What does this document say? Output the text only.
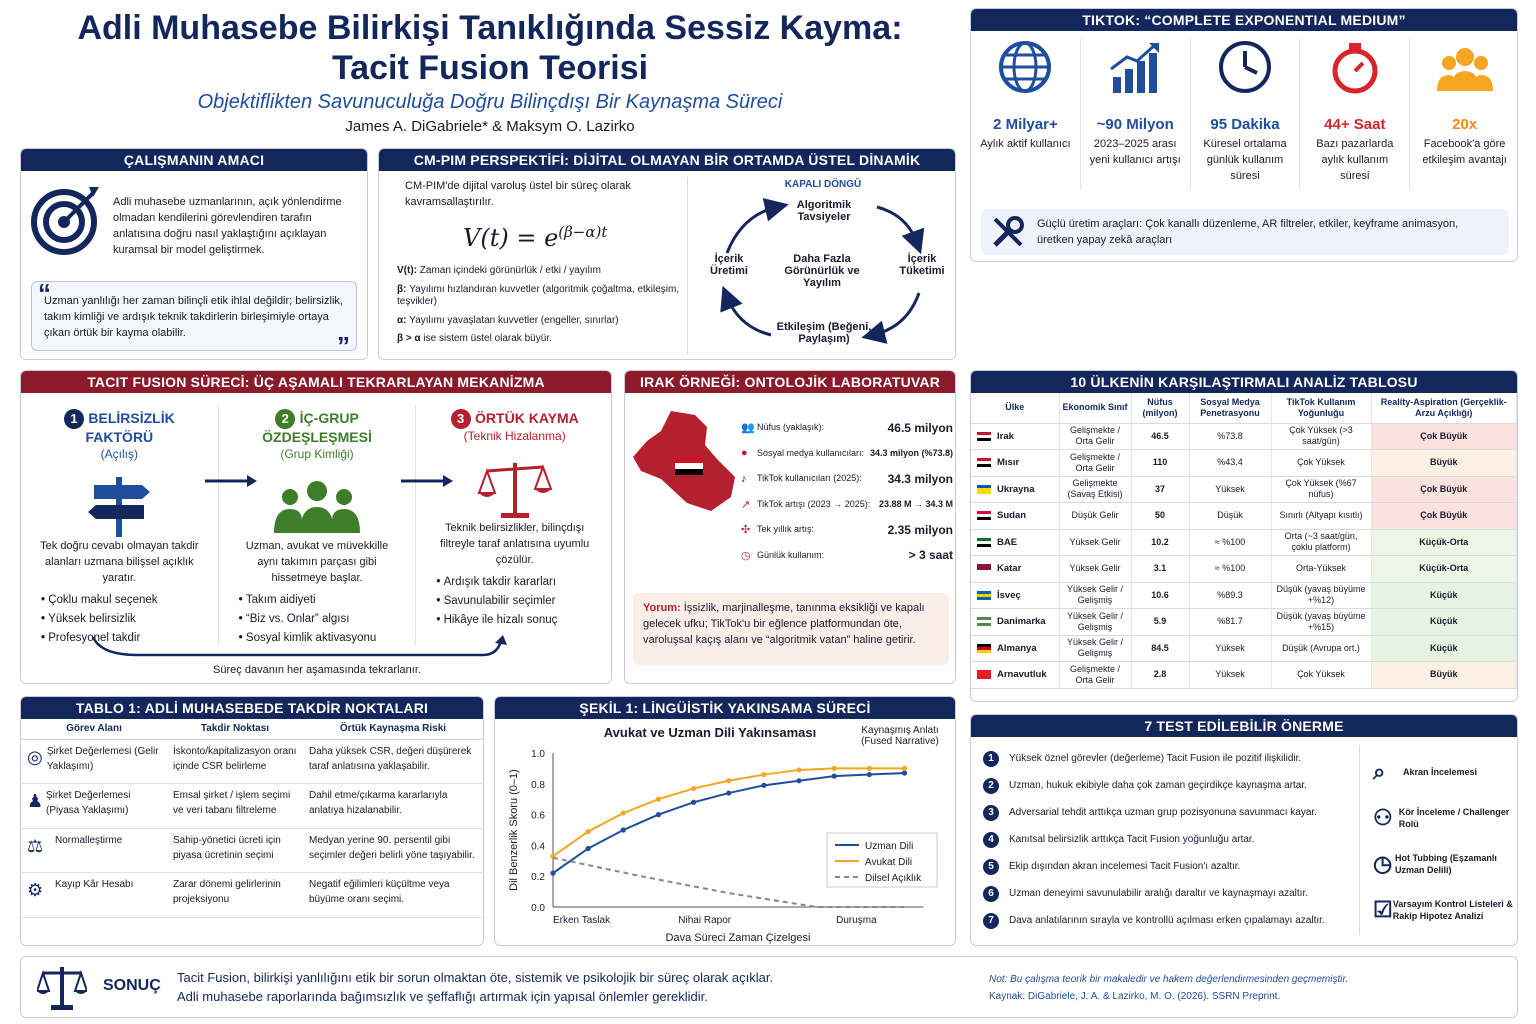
Adli Muhasebe Bilirkişi Tanıklığında Sessiz Kayma:
Tacit Fusion Teorisi
Objektiflikten Savunuculuğa Doğru Bilinçdışı Bir Kaynaşma Süreci
James A. DiGabriele* & Maksym O. Lazirko
ÇALIŞMANIN AMACI
Adli muhasebe uzmanlarının, açık yönlendirme olmadan kendilerini görevlendiren tarafın anlatısına doğru nasıl yaklaştığını açıklayan kuramsal bir model geliştirmek.
“
Uzman yanlılığı her zaman bilinçli etik ihlal değildir; belirsizlik, takım kimliği ve ardışık teknik takdirlerin birleşimiyle ortaya çıkan örtük bir kayma olabilir.	”
CM-PIM PERSPEKTİFİ: DİJİTAL OLMAYAN BİR ORTAMDA ÜSTEL DİNAMİK
CM-PIM'de dijital varoluş üstel bir süreç olarak kavramsallaştırılır.
$V(t) = e^{(\beta-\alpha)t}$
V(t): Zaman içindeki görünürlük / etki / yayılım
β: Yayılımı hızlandıran kuvvetler (algoritmik çoğaltma, etkileşim, teşvikler)
α: Yayılımı yavaşlatan kuvvetler (engeller, sınırlar)
β > α ise sistem üstel olarak büyür.
KAPALI DÖNGÜ
Algoritmik Tavsiyeler
İçerik Üretimi
İçerik Tüketimi
Daha Fazla Görünürlük ve Yayılım
Etkileşim (Beğeni, Paylaşım)
TIKTOK: “COMPLETE EXPONENTIAL MEDIUM”
2 Milyar+
Aylık aktif kullanıcı
~90 Milyon
2023–2025 arası yeni kullanıcı artışı
95 Dakika
Küresel ortalama günlük kullanım süresi
44+ Saat
Bazı pazarlarda aylık kullanım süresi
20x
Facebook'a göre etkileşim avantajı
Güçlü üretim araçları: Çok kanallı düzenleme, AR filtreler, etkiler, keyframe animasyon, üretken yapay zekâ araçları
TACIT FUSION SÜRECİ: ÜÇ AŞAMALI TEKRARLAYAN MEKANİZMA
1 BELİRSİZLİK FAKTÖRÜ
(Açılış)
Tek doğru cevabı olmayan takdir alanları uzmana bilişsel açıklık yaratır.
• Çoklu makul seçenek
• Yüksek belirsizlik
• Profesyonel takdir
2 İÇ-GRUP ÖZDEŞLEŞMESİ
(Grup Kimliği)
Uzman, avukat ve müvekkille aynı takımın parçası gibi hissetmeye başlar.
• Takım aidiyeti
• “Biz vs. Onlar” algısı
• Sosyal kimlik aktivasyonu
3 ÖRTÜK KAYMA
(Teknik Hizalanma)
Teknik belirsizlikler, bilinçdışı filtreyle taraf anlatısına uyumlu çözülür.
• Ardışık takdir kararları
• Savunulabilir seçimler
• Hikâye ile hizalı sonuç
Süreç davanın her aşamasında tekrarlanır.
IRAK ÖRNEĞİ: ONTOLOJİK LABORATUVAR
👥 Nüfus (yaklaşık):	46.5 milyon
●	Sosyal medya kullanıcıları: 34.3 milyon (%73.8)
♪	TikTok kullanıcıları (2025):	34.3 milyon
↗ TikTok artışı (2023 → 2025): 23.88 M → 34.3 M
✣ Tek yıllık artış:	2.35 milyon
◷ Günlük kullanım:	> 3 saat
Yorum: İşsizlik, marjinalleşme, tanınma eksikliği ve kapalı gelecek ufku; TikTok'u bir eğlence platformundan öte, varoluşsal kaçış alanı ve “algoritmik vatan” haline getirir.
10 ÜLKENİN KARŞILAŞTIRMALI ANALİZ TABLOSU
Ülke	Ekonomik Sınıf	Nüfus (milyon)	Sosyal Medya Penetrasyonu	TikTok Kullanım Yoğunluğu	Reality-Aspiration (Gerçeklik-Arzu Açıklığı)
Irak	Gelişmekte / Orta Gelir	46.5	%73.8	Çok Yüksek (>3 saat/gün)	Çok Büyük
Mısır	Gelişmekte / Orta Gelir	110	%43.4	Çok Yüksek	Büyük
Ukrayna	Gelişmekte (Savaş Etkisi)	37	Yüksek	Çok Yüksek (%67 nüfus)	Çok Büyük
Sudan	Düşük Gelir	50	Düşük	Sınırlı (Altyapı kısıtlı)	Çok Büyük
BAE	Yüksek Gelir	10.2	≈ %100	Orta (~3 saat/gün, çoklu platform)	Küçük-Orta
Katar	Yüksek Gelir	3.1	≈ %100	Orta-Yüksek	Küçük-Orta
İsveç	Yüksek Gelir / Gelişmiş	10.6	%89.3	Düşük (yavaş büyüme +%12)	Küçük
Danimarka	Yüksek Gelir / Gelişmiş	5.9	%81.7	Düşük (yavaş büyüme +%15)	Küçük
Almanya	Yüksek Gelir / Gelişmiş	84.5	Yüksek	Düşük (Avrupa ort.)	Küçük
Arnavutluk	Gelişmekte / Orta Gelir	2.8	Yüksek	Çok Yüksek	Büyük
TABLO 1: ADLİ MUHASEBEDE TAKDİR NOKTALARI
Görev Alanı	Takdir Noktası	Örtük Kaynaşma Riski

◎ Şirket Değerlemesi (Gelir Yaklaşımı)	İskonto/kapitalizasyon oranı içinde CSR belirleme	Daha yüksek CSR, değeri düşürerek taraf anlatısına yaklaşabilir.

♟ Şirket Değerlemesi (Piyasa Yaklaşımı)	Emsal şirket / işlem seçimi ve veri tabanı filtreleme	Dahil etme/çıkarma kararlarıyla anlatıya hizalanabilir.

⚖ Normalleştirme	Sahip-yönetici ücreti için piyasa ücretinin seçimi	Medyan yerine 90. persentil gibi seçimler değeri belirli yöne taşıyabilir.

⚙ Kayıp Kâr Hesabı	Zarar dönemi gelirlerinin projeksiyonu	Negatif eğilimleri küçültme veya büyüme oranı seçimi.
ŞEKİL 1: LİNGÜİSTİK YAKINSAMA SÜRECİ
Avukat ve Uzman Dili Yakınsaması	Kaynaşmış Anlatı (Fused Narrative)
0.0
0.2
0.4
0.6
0.8
1.0
Erken Taslak	Nihai Rapor	Duruşma
Dava Süreci Zaman Çizelgesi
Dil Benzerlik Skoru (0–1)	Uzman Dili
Avukat Dili
Dilsel Açıklık
7 TEST EDİLEBİLİR ÖNERME
1	Yüksek öznel görevler (değerleme) Tacit Fusion ile pozitif ilişkilidir.
2	Uzman, hukuk ekibiyle daha çok zaman geçirdikçe kaynaşma artar.
3	Adversarial tehdit arttıkça uzman grup pozisyonuna savunmacı kayar.
4	Kanıtsal belirsizlik arttıkça Tacit Fusion yoğunluğu artar.
5	Ekip dışından akran incelemesi Tacit Fusion'ı azaltır.
6	Uzman deneyimi savunulabilir aralığı daraltır ve kaynaşmayı azaltır.
7	Dava anlatılarının sırayla ve kontrollü açılması erken çıpalamayı azaltır.
⌕	Akran İncelemesi
⚇ Kör İnceleme / Challenger Rolü
◷ Hot Tubbing (Eşzamanlı Uzman Delili)
☑ Varsayım Kontrol Listeleri & Rakip Hipotez Analizi
SONUÇ Tacit Fusion, bilirkişi yanlılığını etik bir sorun olmaktan öte, sistemik ve psikolojik bir süreç olarak açıklar.
Adli muhasebe raporlarında bağımsızlık ve şeffaflığı artırmak için yapısal önlemler gereklidir.
Not: Bu çalışma teorik bir makaledir ve hakem değerlendirmesinden geçmemiştir.
Kaynak: DiGabriele, J. A. & Lazirko, M. O. (2026). SSRN Preprint.
